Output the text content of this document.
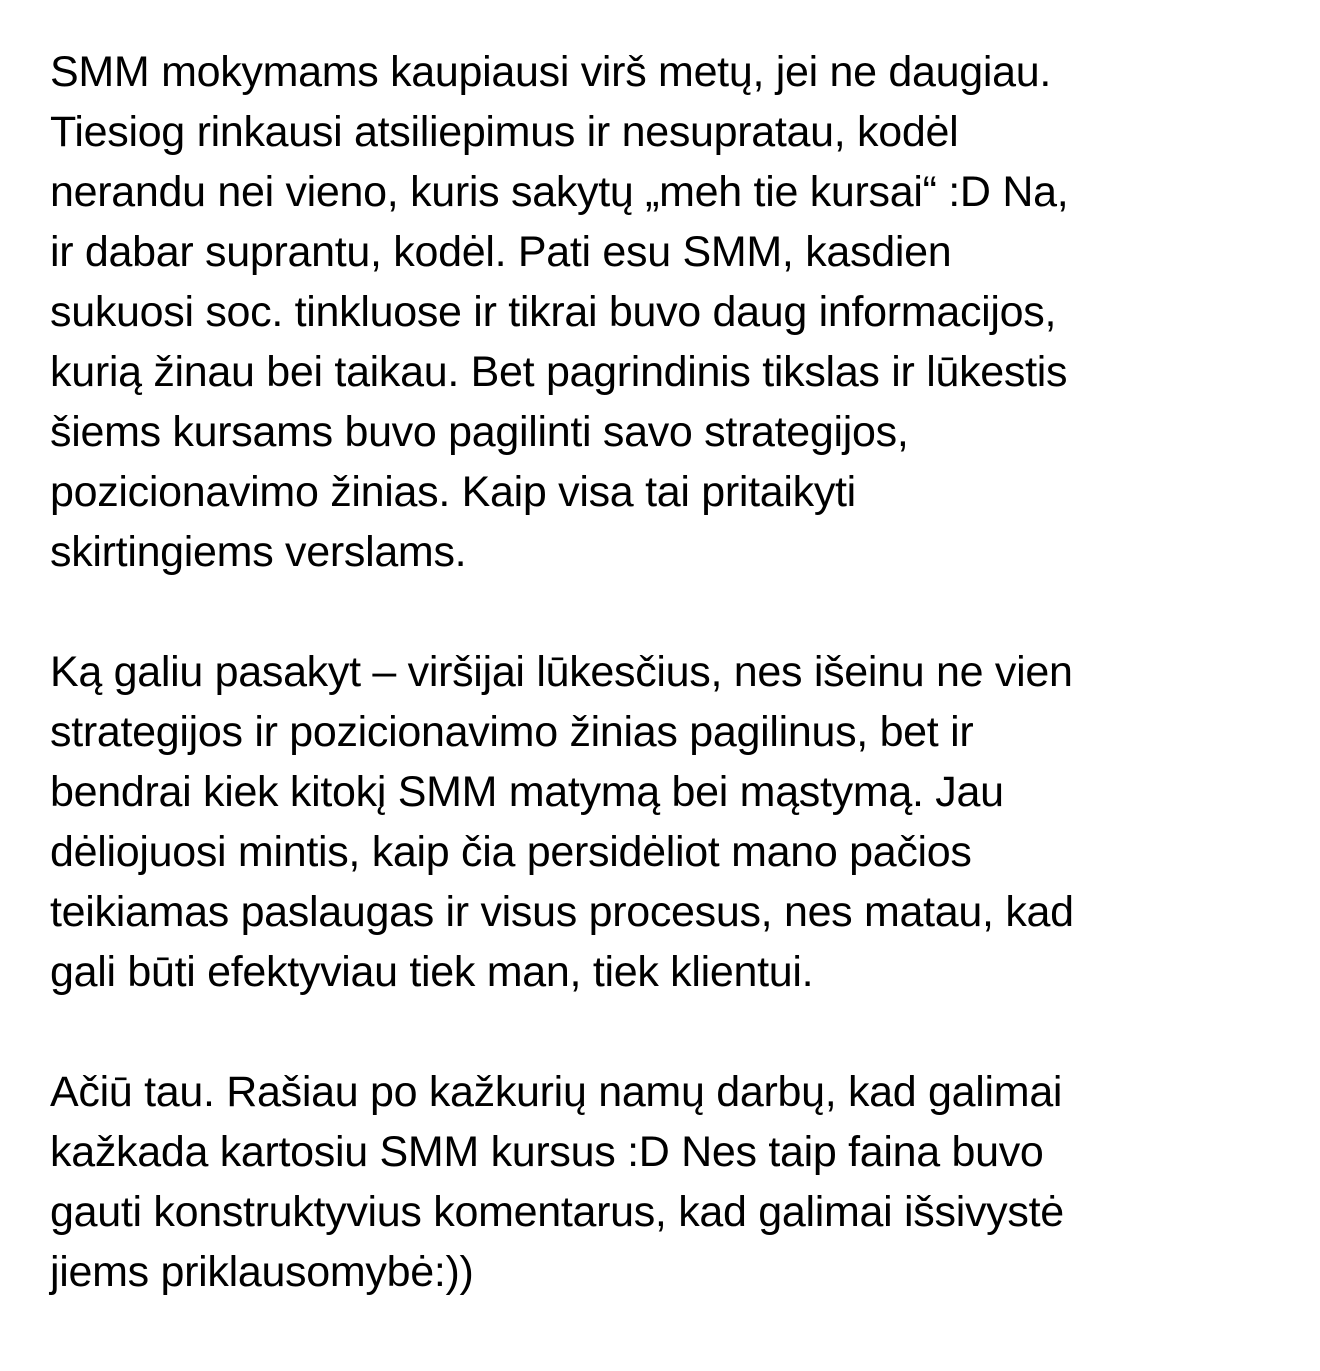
SMM mokymams kaupiausi virš metų, jei ne daugiau.
Tiesiog rinkausi atsiliepimus ir nesupratau, kodėl
nerandu nei vieno, kuris sakytų „meh tie kursai“ :D Na,
ir dabar suprantu, kodėl. Pati esu SMM, kasdien
sukuosi soc. tinkluose ir tikrai buvo daug informacijos,
kurią žinau bei taikau. Bet pagrindinis tikslas ir lūkestis
šiems kursams buvo pagilinti savo strategijos,
pozicionavimo žinias. Kaip visa tai pritaikyti
skirtingiems verslams.
Ką galiu pasakyt – viršijai lūkesčius, nes išeinu ne vien
strategijos ir pozicionavimo žinias pagilinus, bet ir
bendrai kiek kitokį SMM matymą bei mąstymą. Jau
dėliojuosi mintis, kaip čia persidėliot mano pačios
teikiamas paslaugas ir visus procesus, nes matau, kad
gali būti efektyviau tiek man, tiek klientui.
Ačiū tau. Rašiau po kažkurių namų darbų, kad galimai
kažkada kartosiu SMM kursus :D Nes taip faina buvo
gauti konstruktyvius komentarus, kad galimai išsivystė
jiems priklausomybė:))
